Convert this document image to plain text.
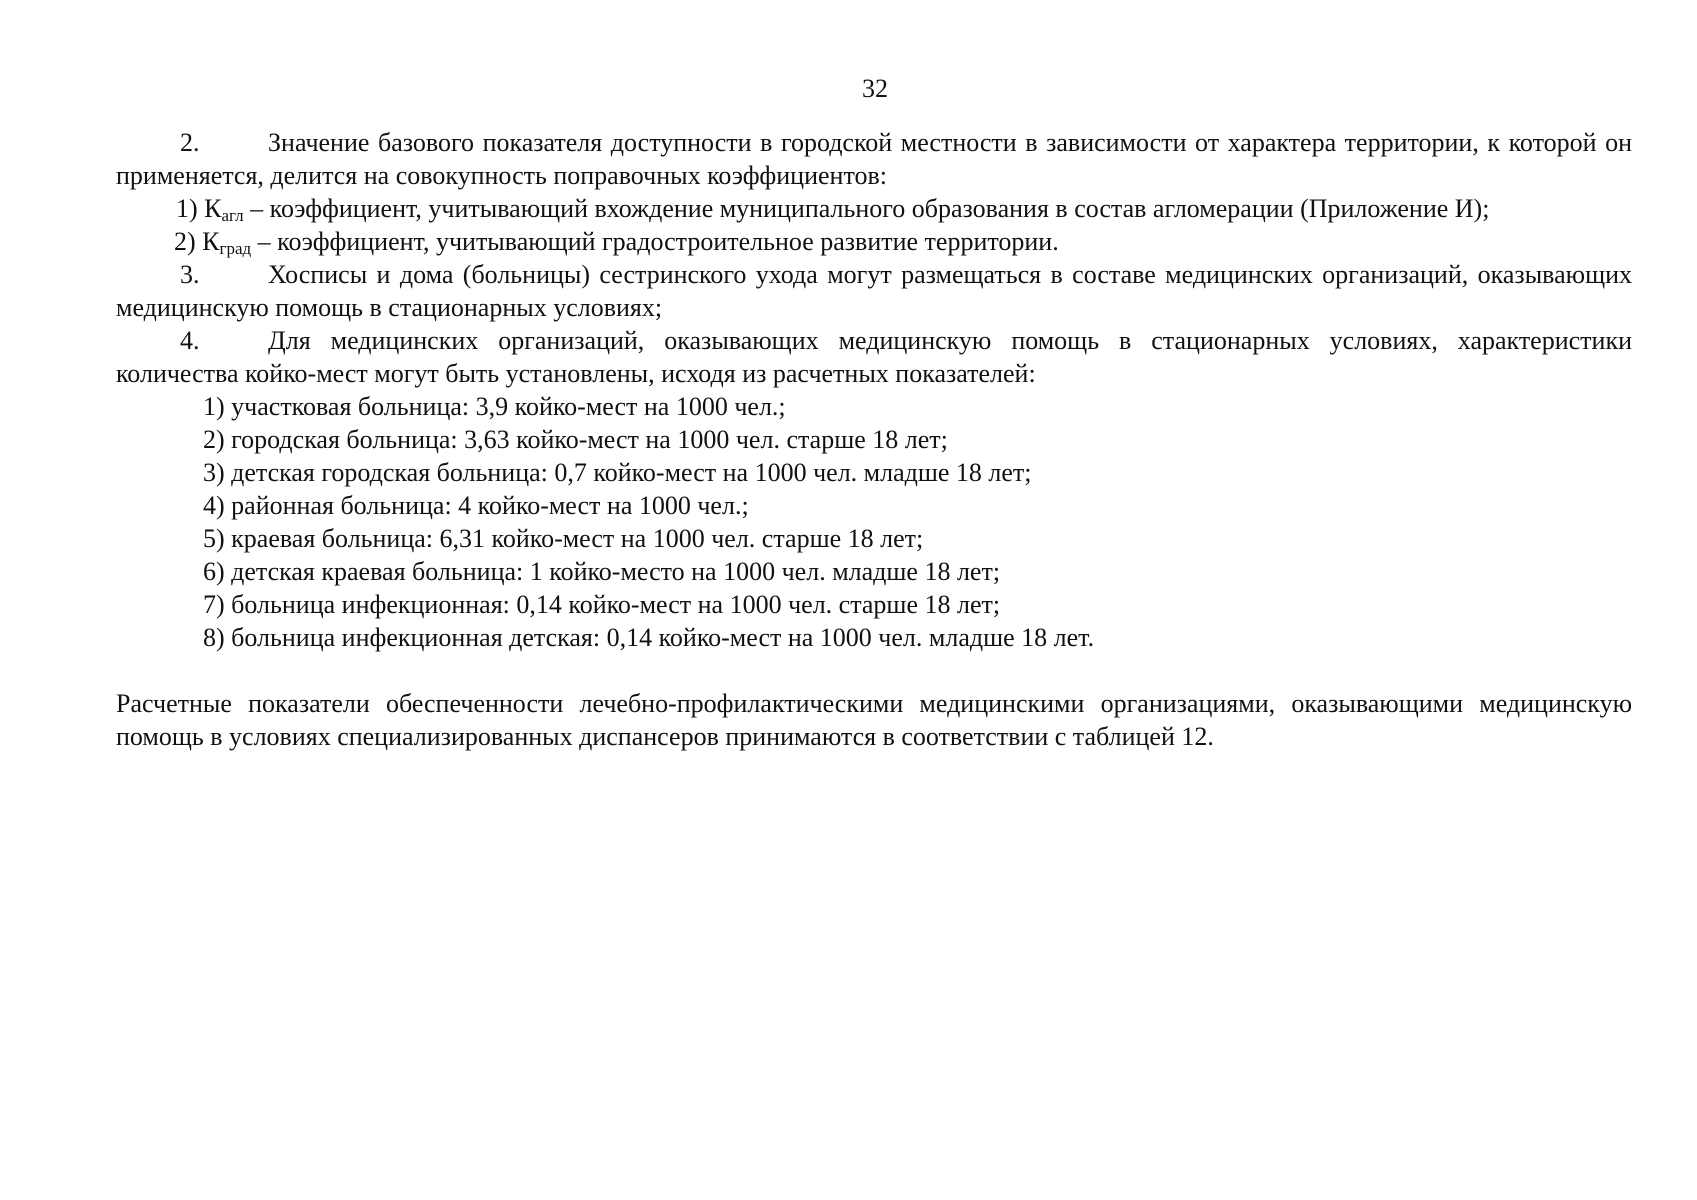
32

2.	Значение базового показателя доступности в городской местности в зависимости от характера территории, к которой он применяется, делится на совокупность поправочных коэффициентов:

1) $К_{агл}$ – коэффициент, учитывающий вхождение муниципального образования в состав агломерации (Приложение И);

2) $К_{град}$ – коэффициент, учитывающий градостроительное развитие территории.

3.	Хосписы и дома (больницы) сестринского ухода могут размещаться в составе медицинских организаций, оказывающих медицинскую помощь в стационарных условиях;

4.	Для медицинских организаций, оказывающих медицинскую помощь в стационарных условиях, характеристики количества койко-мест могут быть установлены, исходя из расчетных показателей:

1) участковая больница: 3,9 койко-мест на 1000 чел.;

2) городская больница: 3,63 койко-мест на 1000 чел. старше 18 лет;

3) детская городская больница: 0,7 койко-мест на 1000 чел. младше 18 лет;

4) районная больница: 4 койко-мест на 1000 чел.;

5) краевая больница: 6,31 койко-мест на 1000 чел. старше 18 лет;

6) детская краевая больница: 1 койко-место на 1000 чел. младше 18 лет;

7) больница инфекционная: 0,14 койко-мест на 1000 чел. старше 18 лет;

8) больница инфекционная детская: 0,14 койко-мест на 1000 чел. младше 18 лет.

Расчетные показатели обеспеченности лечебно-профилактическими медицинскими организациями, оказывающими медицинскую помощь в условиях специализированных диспансеров принимаются в соответствии с таблицей 12.
